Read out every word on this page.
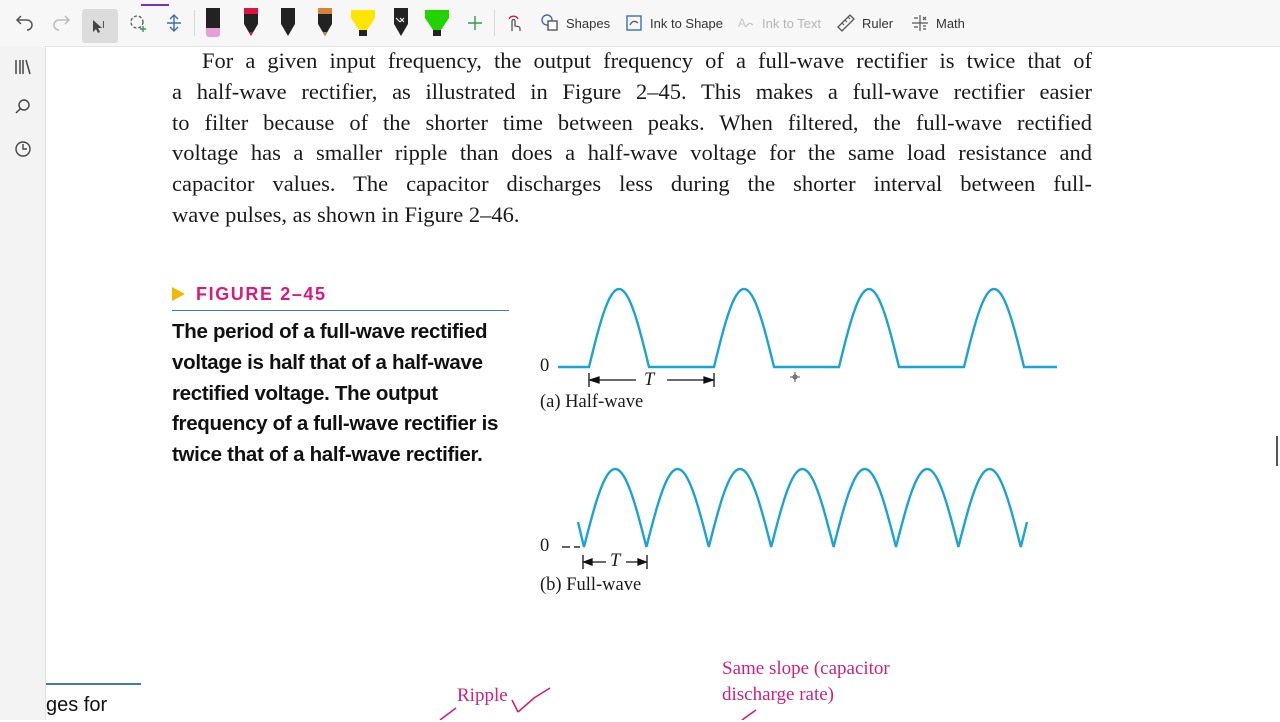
I	Shapes	Ink to Shape A Ink to Text	Ruler	Math
For a given input frequency, the output frequency of a full-wave rectifier is twice that of
a half-wave rectifier, as illustrated in Figure 2–45. This makes a full-wave rectifier easier
to filter because of the shorter time between peaks. When filtered, the full-wave rectified
voltage has a smaller ripple than does a half-wave voltage for the same load resistance and
capacitor values. The capacitor discharges less during the shorter interval between full-
wave pulses, as shown in Figure 2–46.
FIGURE 2–45
The period of a full-wave rectified
voltage is half that of a half-wave
rectified voltage. The output
frequency of a full-wave rectifier is
twice that of a half-wave rectifier.
0
T
(a) Half-wave
0
T
(b) Full-wave
Same slope (capacitor
discharge rate)
Ripple
ges for
